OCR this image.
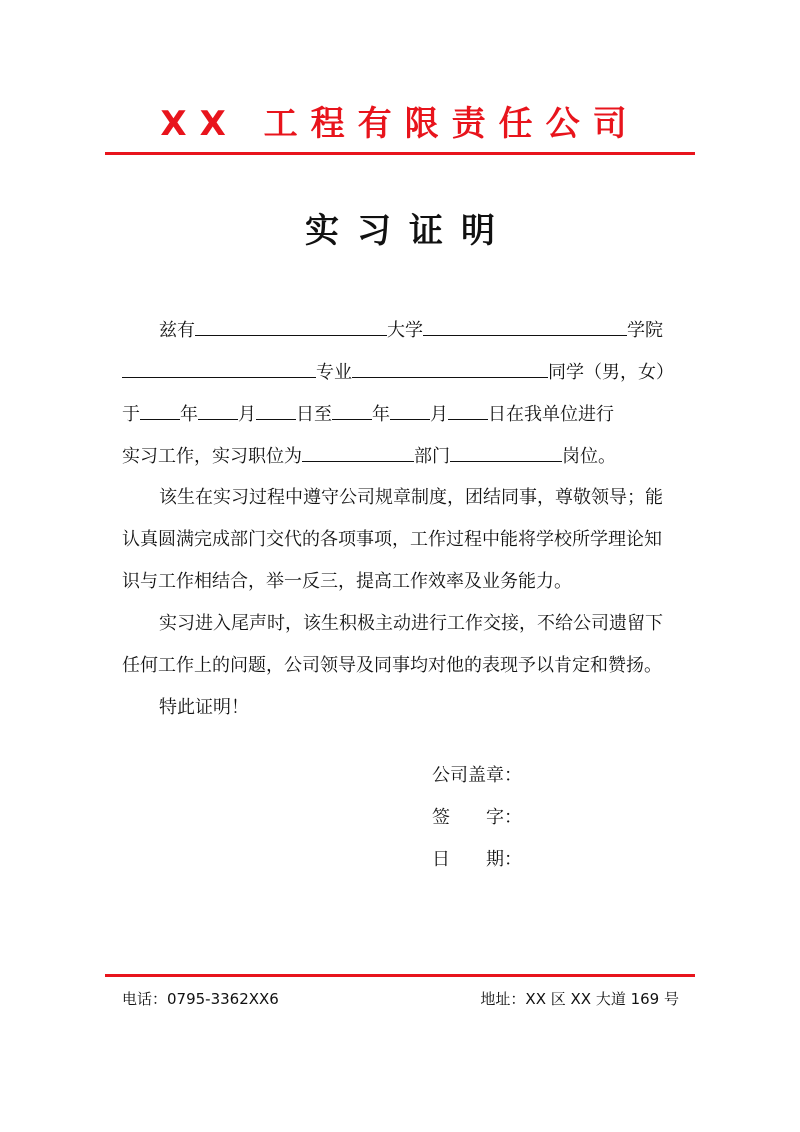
XX 工程有限责任公司
实习证明
兹有	大学	学院
专业	同学（男，女）
于 年 月 日至 年 月 日在我单位进行
实习工作，实习职位为	部门	岗位。
该生在实习过程中遵守公司规章制度，团结同事，尊敬领导；能
认真圆满完成部门交代的各项事项，工作过程中能将学校所学理论知
识与工作相结合，举一反三，提高工作效率及业务能力。
实习进入尾声时，该生积极主动进行工作交接，不给公司遗留下
任何工作上的问题，公司领导及同事均对他的表现予以肯定和赞扬。
特此证明！
公司盖章：
签　　字：
日　　期：
电话：0795-3362XX6	地址：XX 区 XX 大道 169 号
